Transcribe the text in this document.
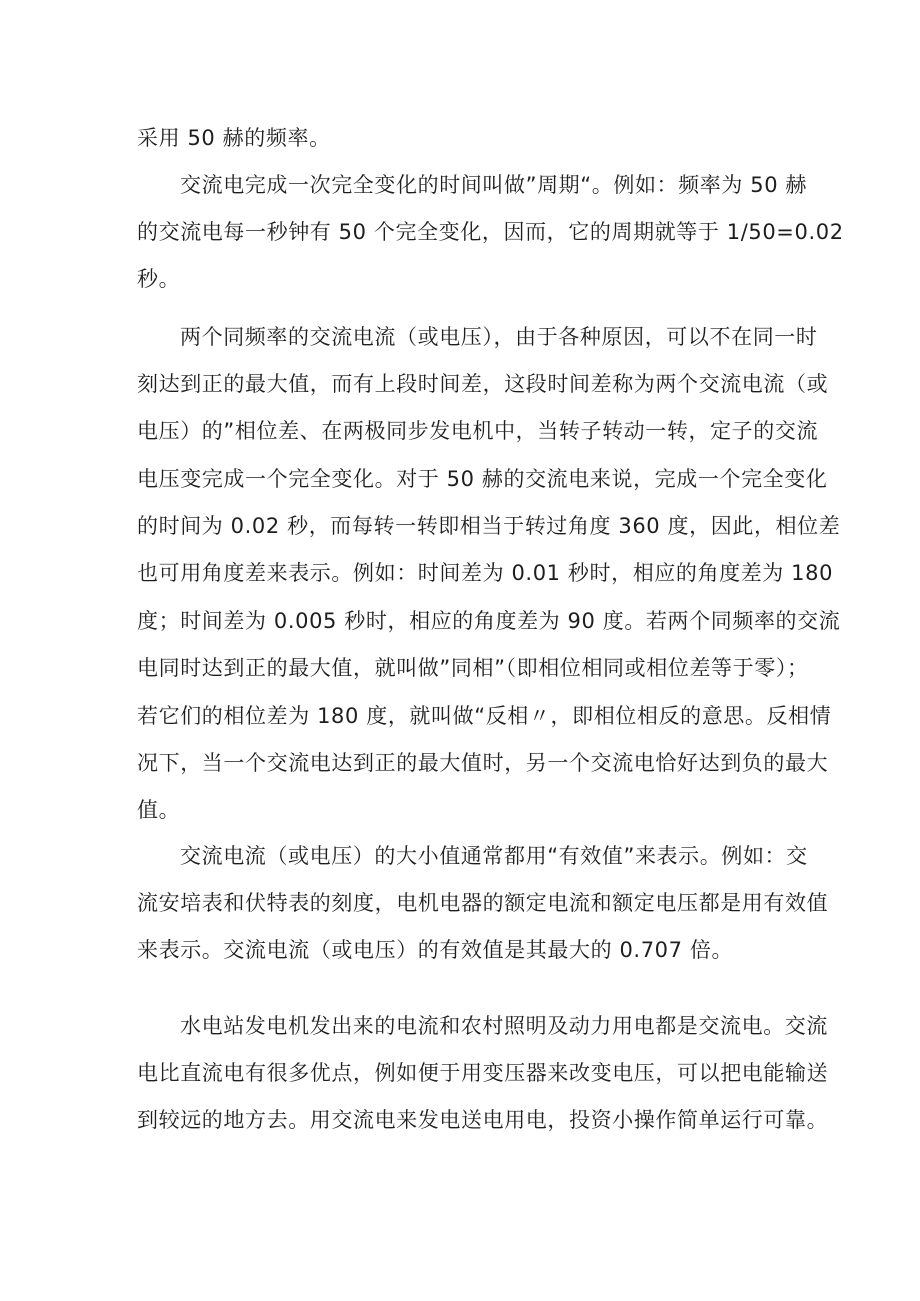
采用 50 赫的频率。
交流电完成一次完全变化的时间叫做”周期“。例如：频率为 50 赫
的交流电每一秒钟有 50 个完全变化，因而，它的周期就等于 1/50=0.02
秒。
两个同频率的交流电流（或电压），由于各种原因，可以不在同一时
刻达到正的最大值，而有上段时间差，这段时间差称为两个交流电流（或
电压）的”相位差、在两极同步发电机中，当转子转动一转，定子的交流
电压变完成一个完全变化。对于 50 赫的交流电来说，完成一个完全变化
的时间为 0.02 秒，而每转一转即相当于转过角度 360 度，因此，相位差
也可用角度差来表示。例如：时间差为 0.01 秒时，相应的角度差为 180
度；时间差为 0.005 秒时，相应的角度差为 90 度。若两个同频率的交流
电同时达到正的最大值，就叫做”同相”（即相位相同或相位差等于零）；
若它们的相位差为 180 度，就叫做“反相〃，即相位相反的意思。反相情
况下，当一个交流电达到正的最大值时，另一个交流电恰好达到负的最大
值。
交流电流（或电压）的大小值通常都用“有效值”来表示。例如：交
流安培表和伏特表的刻度，电机电器的额定电流和额定电压都是用有效值
来表示。交流电流（或电压）的有效值是其最大的 0.707 倍。
水电站发电机发出来的电流和农村照明及动力用电都是交流电。交流
电比直流电有很多优点，例如便于用变压器来改变电压，可以把电能输送
到较远的地方去。用交流电来发电送电用电，投资小操作简单运行可靠。
